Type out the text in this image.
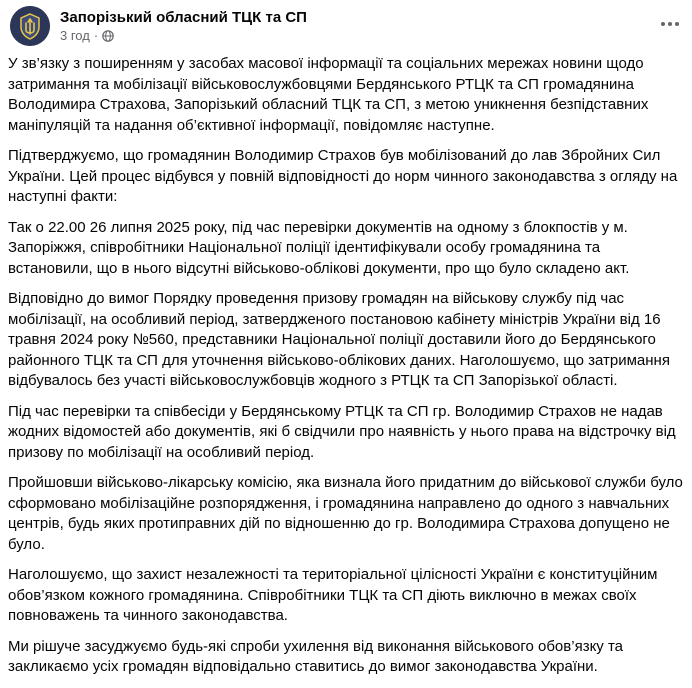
Запорізький обласний ТЦК та СП
3 год ·

У зв’язку з поширенням у засобах масової інформації та соціальних мережах новини щодо затримання та мобілізації військовослужбовцями Бердянського РТЦК та СП громадянина Володимира Страхова, Запорізький обласний ТЦК та СП, з метою уникнення безпідставних маніпуляцій та надання об’єктивної інформації, повідомляє наступне.

Підтверджуємо, що громадянин Володимир Страхов був мобілізований до лав Збройних Сил України. Цей процес відбувся у повній відповідності до норм чинного законодавства з огляду на наступні факти:

Так о 22.00 26 липня 2025 року, під час перевірки документів на одному з блокпостів у м. Запоріжжя, співробітники Національної поліції ідентифікували особу громадянина та встановили, що в нього відсутні військово-облікові документи, про що було складено акт.

Відповідно до вимог Порядку проведення призову громадян на військову службу під час мобілізації, на особливий період, затвердженого постановою кабінету міністрів України від 16 травня 2024 року №560, представники Національної поліції доставили його до Бердянського районного ТЦК та СП для уточнення військово-облікових даних. Наголошуємо, що затримання відбувалось без участі військовослужбовців жодного з РТЦК та СП Запорізької області.

Під час перевірки та співбесіди у Бердянському РТЦК та СП гр. Володимир Страхов не надав жодних відомостей або документів, які б свідчили про наявність у нього права на відстрочку від призову по мобілізації на особливий період.

Пройшовши військово-лікарську комісію, яка визнала його придатним до військової служби було сформовано мобілізаційне розпорядження, і громадянина направлено до одного з навчальних центрів, будь яких протиправних дій по відношенню до гр. Володимира Страхова допущено не було.

Наголошуємо, що захист незалежності та територіальної цілісності України є конституційним обов’язком кожного громадянина. Співробітники ТЦК та СП діють виключно в межах своїх повноважень та чинного законодавства.

Ми рішуче засуджуємо будь-які спроби ухилення від виконання військового обов’язку та закликаємо усіх громадян відповідально ставитись до вимог законодавства України.
